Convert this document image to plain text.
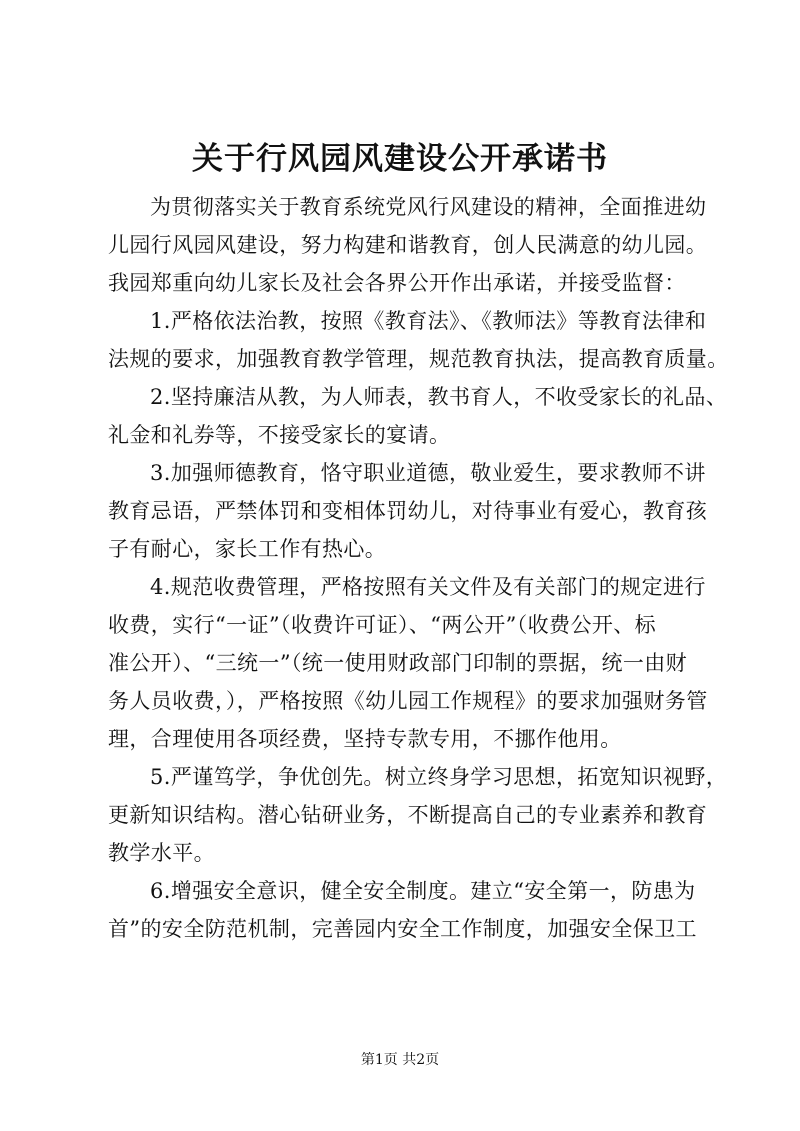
关于行风园风建设公开承诺书
为贯彻落实关于教育系统党风行风建设的精神，全面推进幼
儿园行风园风建设，努力构建和谐教育，创人民满意的幼儿园。
我园郑重向幼儿家长及社会各界公开作出承诺，并接受监督：
1.严格依法治教，按照《教育法》、《教师法》等教育法律和
法规的要求，加强教育教学管理，规范教育执法，提高教育质量。
2.坚持廉洁从教，为人师表，教书育人，不收受家长的礼品、
礼金和礼券等，不接受家长的宴请。
3.加强师德教育，恪守职业道德，敬业爱生，要求教师不讲
教育忌语，严禁体罚和变相体罚幼儿，对待事业有爱心，教育孩
子有耐心，家长工作有热心。
4.规范收费管理，严格按照有关文件及有关部门的规定进行
收费，实行“一证”（收费许可证）、“两公开”（收费公开、标
准公开）、“三统一”（统一使用财政部门印制的票据，统一由财
务人员收费，），严格按照《幼儿园工作规程》的要求加强财务管
理，合理使用各项经费，坚持专款专用，不挪作他用。
5.严谨笃学，争优创先。树立终身学习思想，拓宽知识视野，
更新知识结构。潜心钻研业务，不断提高自己的专业素养和教育
教学水平。
6.增强安全意识，健全安全制度。建立“安全第一，防患为
首”的安全防范机制，完善园内安全工作制度，加强安全保卫工
第1页 共2页
